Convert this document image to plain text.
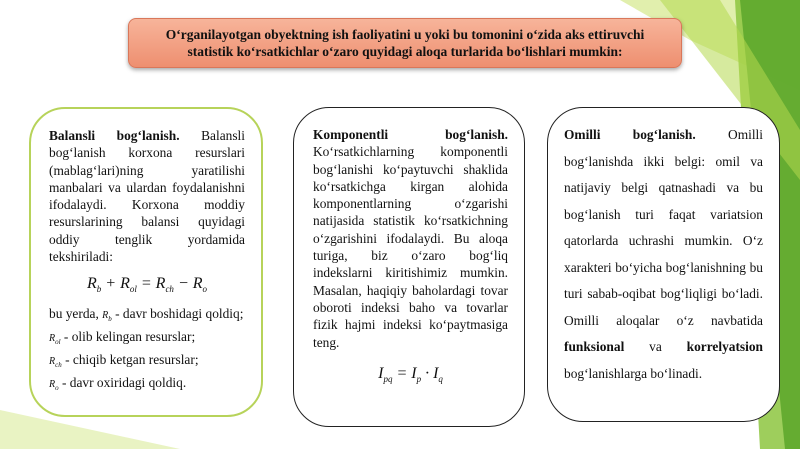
O‘rganilayotgan obyektning ish faoliyatini u yoki bu tomonini o‘zida aks ettiruvchi
statistik ko‘rsatkichlar o‘zaro quyidagi aloqa turlarida bo‘lishlari mumkin:

Balansli bog‘lanish. Balansli bog‘lanish korxona resurslari (mablag‘lari)ning yaratilishi manbalari va ulardan foydalanishni ifodalaydi. Korxona moddiy resurslarining balansi quyidagi oddiy tenglik yordamida tekshiriladi:

$R_b + R_{ol} = R_{ch} - R_o$

bu yerda, $R_b$ - davr boshidagi qoldiq;

$R_{ol}$ - olib kelingan resurslar;

$R_{ch}$ - chiqib ketgan resurslar;

$R_o$ - davr oxiridagi qoldiq.

Komponentli bog‘lanish. Ko‘rsatkichlarning komponentli bog‘lanishi ko‘paytuvchi shaklida ko‘rsatkichga kirgan alohida komponentlarning o‘zgarishi natijasida statistik ko‘rsatkichning o‘zgarishini ifodalaydi. Bu aloqa turiga, biz o‘zaro bog‘liq indekslarni kiritishimiz mumkin. Masalan, haqiqiy baholardagi tovar oboroti indeksi baho va tovarlar fizik hajmi indeksi ko‘paytmasiga teng.

$I_{pq} = I_p \cdot I_q$

Omilli bog‘lanish. Omilli bog‘lanishda ikki belgi: omil va natijaviy belgi qatnashadi va bu bog‘lanish turi faqat variatsion qatorlarda uchrashi mumkin. O‘z xarakteri bo‘yicha bog‘lanishning bu turi sabab-oqibat bog‘liqligi bo‘ladi. Omilli aloqalar o‘z navbatida funksional va korrelyatsion bog‘lanishlarga bo‘linadi.
